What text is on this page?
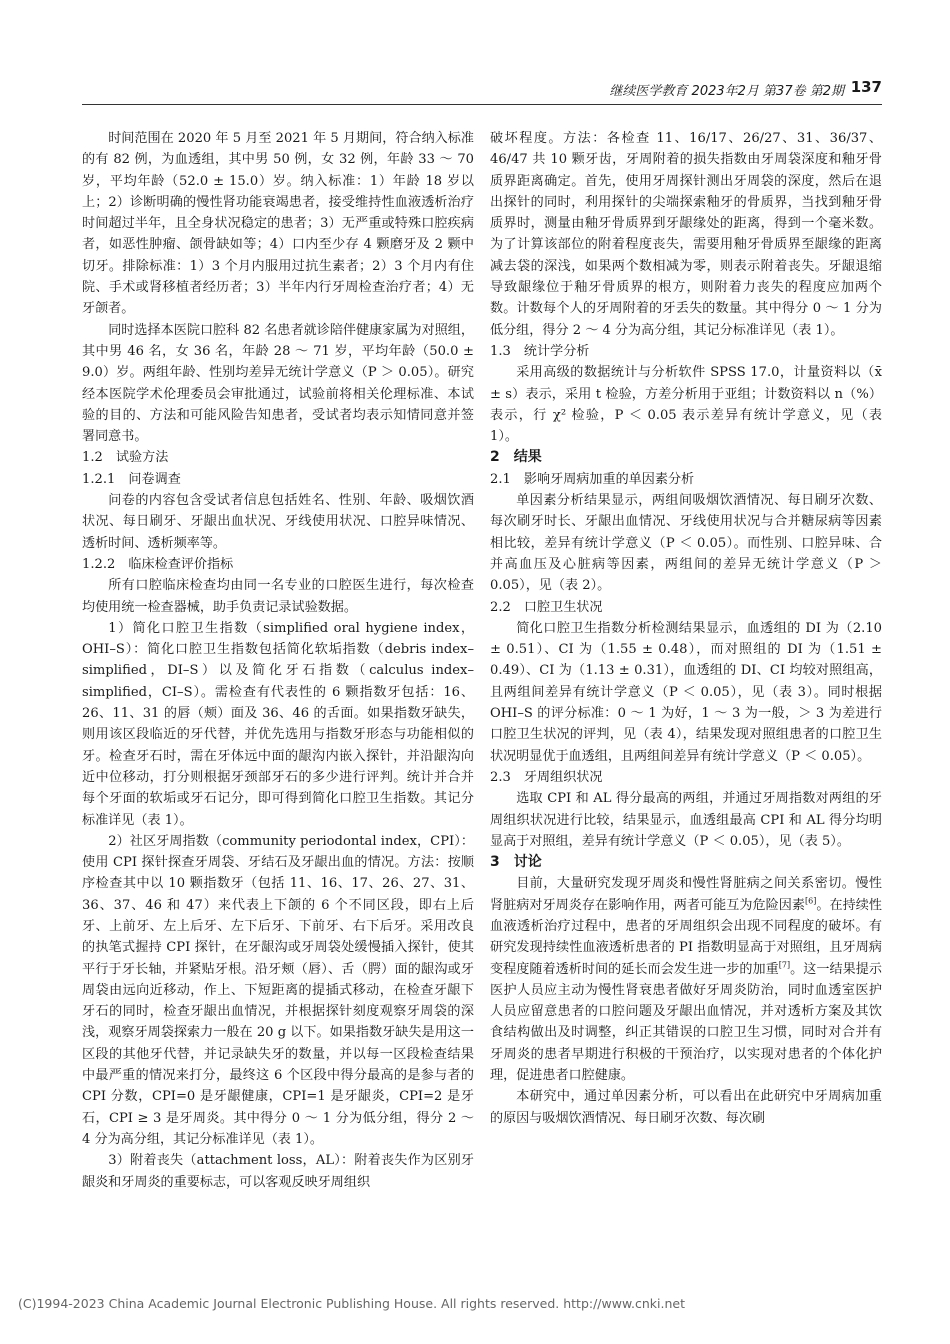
继续医学教育 2023年2月 第37卷 第2期 137

时间范围在 2020 年 5 月至 2021 年 5 月期间，符合纳入标准的有 82 例，为血透组，其中男 50 例，女 32 例，年龄 33 ～ 70 岁，平均年龄（52.0 ± 15.0）岁。纳入标准：1）年龄 18 岁以上；2）诊断明确的慢性肾功能衰竭患者，接受维持性血液透析治疗时间超过半年，且全身状况稳定的患者；3）无严重或特殊口腔疾病者，如恶性肿瘤、颌骨缺如等；4）口内至少存 4 颗磨牙及 2 颗中切牙。排除标准：1）3 个月内服用过抗生素者；2）3 个月内有住院、手术或肾移植者经历者；3）半年内行牙周检查治疗者；4）无牙颌者。

同时选择本医院口腔科 82 名患者就诊陪伴健康家属为对照组，其中男 46 名，女 36 名，年龄 28 ～ 71 岁，平均年龄（50.0 ± 9.0）岁。两组年龄、性别均差异无统计学意义（P ＞ 0.05）。研究经本医院学术伦理委员会审批通过，试验前将相关伦理标准、本试验的目的、方法和可能风险告知患者，受试者均表示知情同意并签署同意书。

1.2　试验方法

1.2.1　问卷调查

问卷的内容包含受试者信息包括姓名、性别、年龄、吸烟饮酒状况、每日刷牙、牙龈出血状况、牙线使用状况、口腔异味情况、透析时间、透析频率等。

1.2.2　临床检查评价指标

所有口腔临床检查均由同一名专业的口腔医生进行，每次检查均使用统一检查器械，助手负责记录试验数据。

1）简化口腔卫生指数（simplified oral hygiene index，OHI–S）：简化口腔卫生指数包括简化软垢指数（debris index–simplified，DI–S）以及简化牙石指数（calculus index–simplified，CI–S）。需检查有代表性的 6 颗指数牙包括：16、26、11、31 的唇（颊）面及 36、46 的舌面。如果指数牙缺失，则用该区段临近的牙代替，并优先选用与指数牙形态与功能相似的牙。检查牙石时，需在牙体远中面的龈沟内嵌入探针，并沿龈沟向近中位移动，打分则根据牙颈部牙石的多少进行评判。统计并合并每个牙面的软垢或牙石记分，即可得到简化口腔卫生指数。其记分标准详见（表 1）。

2）社区牙周指数（community periodontal index，CPI）：使用 CPI 探针探查牙周袋、牙结石及牙龈出血的情况。方法：按顺序检查其中以 10 颗指数牙（包括 11、16、17、26、27、31、36、37、46 和 47）来代表上下颌的 6 个不同区段，即右上后牙、上前牙、左上后牙、左下后牙、下前牙、右下后牙。采用改良的执笔式握持 CPI 探针，在牙龈沟或牙周袋处缓慢插入探针，使其平行于牙长轴，并紧贴牙根。沿牙颊（唇）、舌（腭）面的龈沟或牙周袋由远向近移动，作上、下短距离的提插式移动，在检查牙龈下牙石的同时，检查牙龈出血情况，并根据探针刻度观察牙周袋的深浅，观察牙周袋探索力一般在 20 g 以下。如果指数牙缺失是用这一区段的其他牙代替，并记录缺失牙的数量，并以每一区段检查结果中最严重的情况来打分，最终这 6 个区段中得分最高的是参与者的 CPI 分数，CPI=0 是牙龈健康，CPI=1 是牙龈炎，CPI=2 是牙石，CPI ≥ 3 是牙周炎。其中得分 0 ～ 1 分为低分组，得分 2 ～ 4 分为高分组，其记分标准详见（表 1）。

3）附着丧失（attachment loss，AL）：附着丧失作为区别牙龈炎和牙周炎的重要标志，可以客观反映牙周组织

破坏程度。方法：各检查 11、16/17、26/27、31、36/37、46/47 共 10 颗牙齿，牙周附着的损失指数由牙周袋深度和釉牙骨质界距离确定。首先，使用牙周探针测出牙周袋的深度，然后在退出探针的同时，利用探针的尖端探索釉牙的骨质界，当找到釉牙骨质界时，测量由釉牙骨质界到牙龈缘处的距离，得到一个毫米数。为了计算该部位的附着程度丧失，需要用釉牙骨质界至龈缘的距离减去袋的深浅，如果两个数相减为零，则表示附着丧失。牙龈退缩导致龈缘位于釉牙骨质界的根方，则附着力丧失的程度应加两个数。计数每个人的牙周附着的牙丢失的数量。其中得分 0 ～ 1 分为低分组，得分 2 ～ 4 分为高分组，其记分标准详见（表 1）。

1.3　统计学分析

采用高级的数据统计与分析软件 SPSS 17.0，计量资料以（x̄ ± s）表示，采用 t 检验，方差分析用于亚组；计数资料以 n（%）表示，行 χ² 检验，P ＜ 0.05 表示差异有统计学意义，见（表 1）。

2　结果

2.1　影响牙周病加重的单因素分析

单因素分析结果显示，两组间吸烟饮酒情况、每日刷牙次数、每次刷牙时长、牙龈出血情况、牙线使用状况与合并糖尿病等因素相比较，差异有统计学意义（P ＜ 0.05）。而性别、口腔异味、合并高血压及心脏病等因素，两组间的差异无统计学意义（P ＞ 0.05），见（表 2）。

2.2　口腔卫生状况

简化口腔卫生指数分析检测结果显示，血透组的 DI 为（2.10 ± 0.51）、CI 为（1.55 ± 0.48），而对照组的 DI 为（1.51 ± 0.49）、CI 为（1.13 ± 0.31），血透组的 DI、CI 均较对照组高，且两组间差异有统计学意义（P ＜ 0.05），见（表 3）。同时根据 OHI–S 的评分标准：0 ～ 1 为好，1 ～ 3 为一般，＞ 3 为差进行口腔卫生状况的评判，见（表 4），结果发现对照组患者的口腔卫生状况明显优于血透组，且两组间差异有统计学意义（P ＜ 0.05）。

2.3　牙周组织状况

选取 CPI 和 AL 得分最高的两组，并通过牙周指数对两组的牙周组织状况进行比较，结果显示，血透组最高 CPI 和 AL 得分均明显高于对照组，差异有统计学意义（P ＜ 0.05），见（表 5）。

3　讨论

目前，大量研究发现牙周炎和慢性肾脏病之间关系密切。慢性肾脏病对牙周炎存在影响作用，两者可能互为危险因素[6]。在持续性血液透析治疗过程中，患者的牙周组织会出现不同程度的破坏。有研究发现持续性血液透析患者的 PI 指数明显高于对照组，且牙周病变程度随着透析时间的延长而会发生进一步的加重[7]。这一结果提示医护人员应主动为慢性肾衰患者做好牙周炎防治，同时血透室医护人员应留意患者的口腔问题及牙龈出血情况，并对透析方案及其饮食结构做出及时调整，纠正其错误的口腔卫生习惯，同时对合并有牙周炎的患者早期进行积极的干预治疗，以实现对患者的个体化护理，促进患者口腔健康。

本研究中，通过单因素分析，可以看出在此研究中牙周病加重的原因与吸烟饮酒情况、每日刷牙次数、每次刷

(C)1994-2023 China Academic Journal Electronic Publishing House. All rights reserved. http://www.cnki.net
